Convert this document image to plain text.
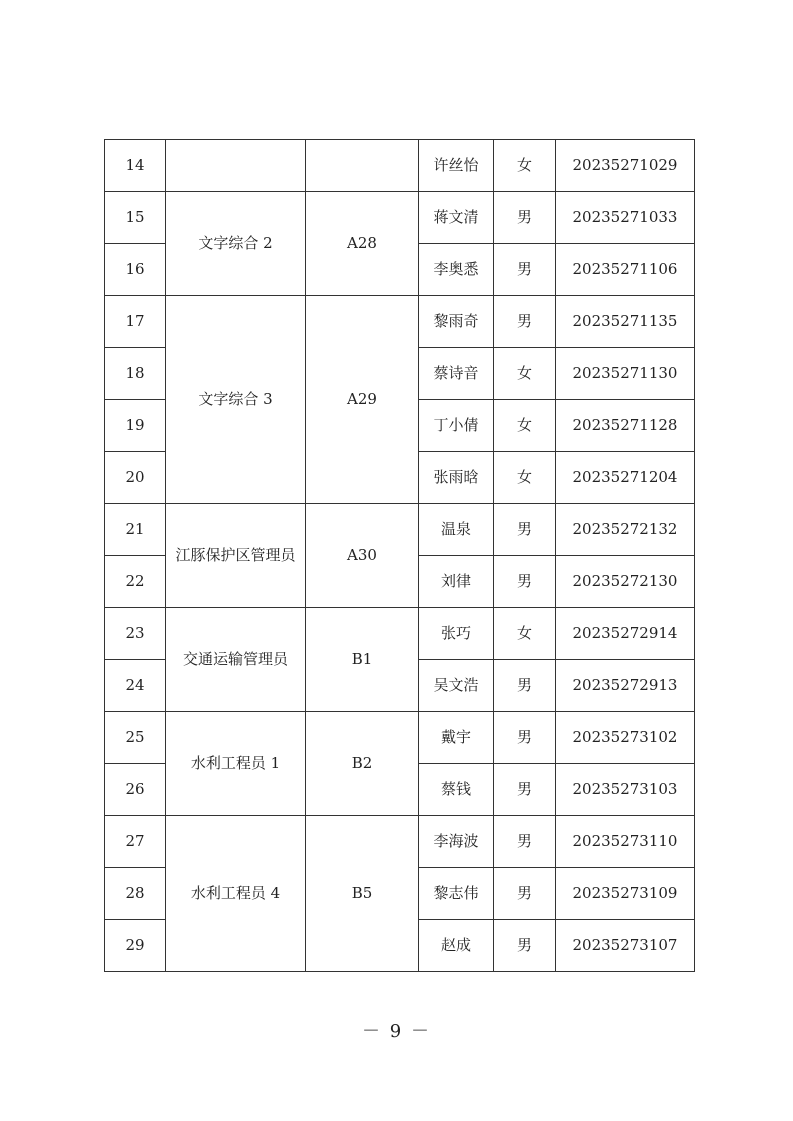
14			许丝怡	女	20235271029
15	文字综合 2	A28	蒋文清	男	20235271033
16			李奥悉	男	20235271106
17	文字综合 3	A29	黎雨奇	男	20235271135
18			蔡诗音	女	20235271130
19			丁小倩	女	20235271128
20			张雨晗	女	20235271204
21	江豚保护区管理员	A30	温泉	男	20235272132
22			刘律	男	20235272130
23	交通运输管理员	B1	张巧	女	20235272914
24			吴文浩	男	20235272913
25	水利工程员 1	B2	戴宇	男	20235273102
26			蔡钱	男	20235273103
27	水利工程员 4	B5	李海波	男	20235273110
28			黎志伟	男	20235273109
29			赵成	男	20235273107
－ 9 －
